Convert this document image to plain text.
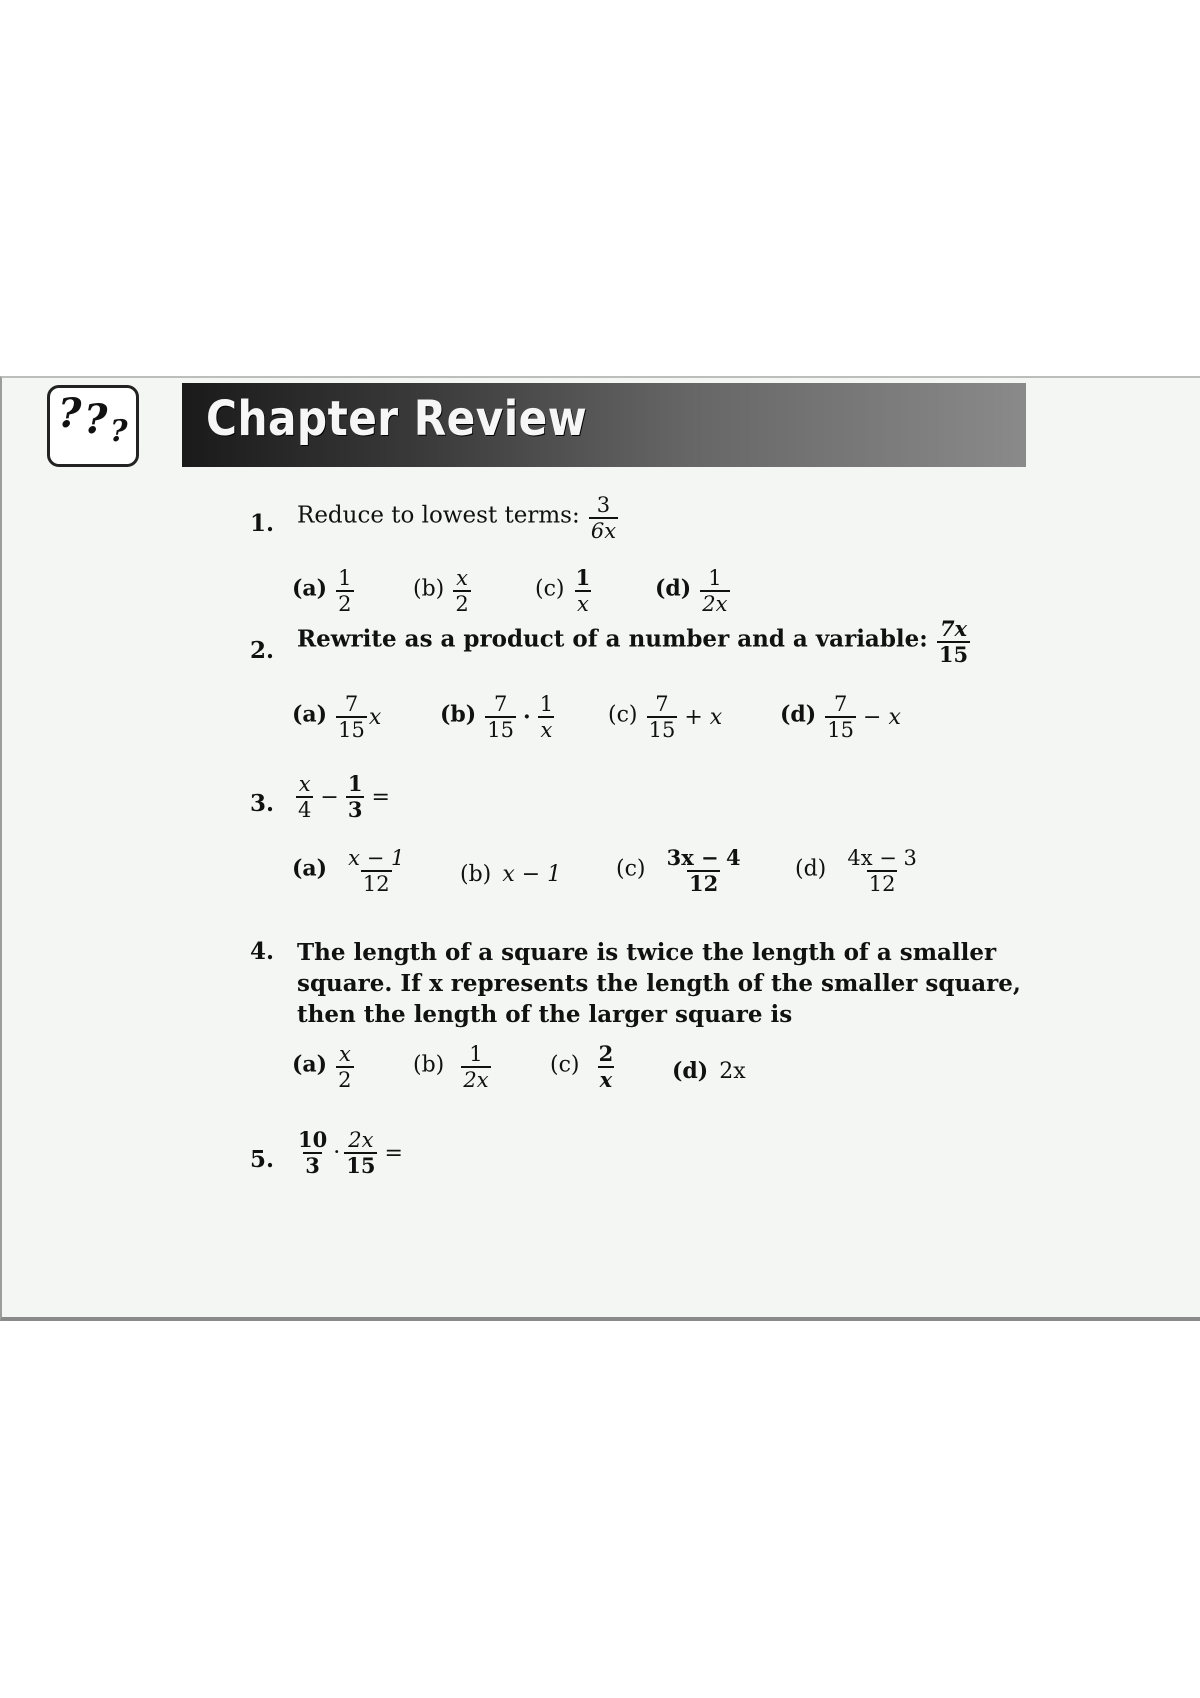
? ? ? Chapter Review
1. Reduce to lowest terms: $\frac{3}{6x}$
$(a) \frac{1}{2}$	$(b) \frac{x}{2}$	$(c) \frac{1}{x}$	$(d) \frac{1}{2x}$
2. Rewrite as a product of a number and a variable: $\frac{7x}{15}$
$(a) \frac{7}{15}$ x	$(b) \frac{7}{15} \cdot \frac{1}{x} (c) \frac{7}{15} + x$	$(d) \frac{7}{15} - x$
3. $\frac{x}{4} - \frac{1}{3}$ =
$(a) \frac{x - 1}{12} (b) x - 1$ $(c) \frac{3x - 4}{12} (d) \frac{4x - 3}{12}$
4. The length of a square is twice the length of a smaller square. If x represents the length of the smaller square, then the length of the larger square is
$(a) \frac{x}{2}$	$(b) \frac{1}{2x}$	$(c) \frac{2}{x}$	(d) 2x
5. $\frac{10}{3} \cdot \frac{2x}{15}$ =
